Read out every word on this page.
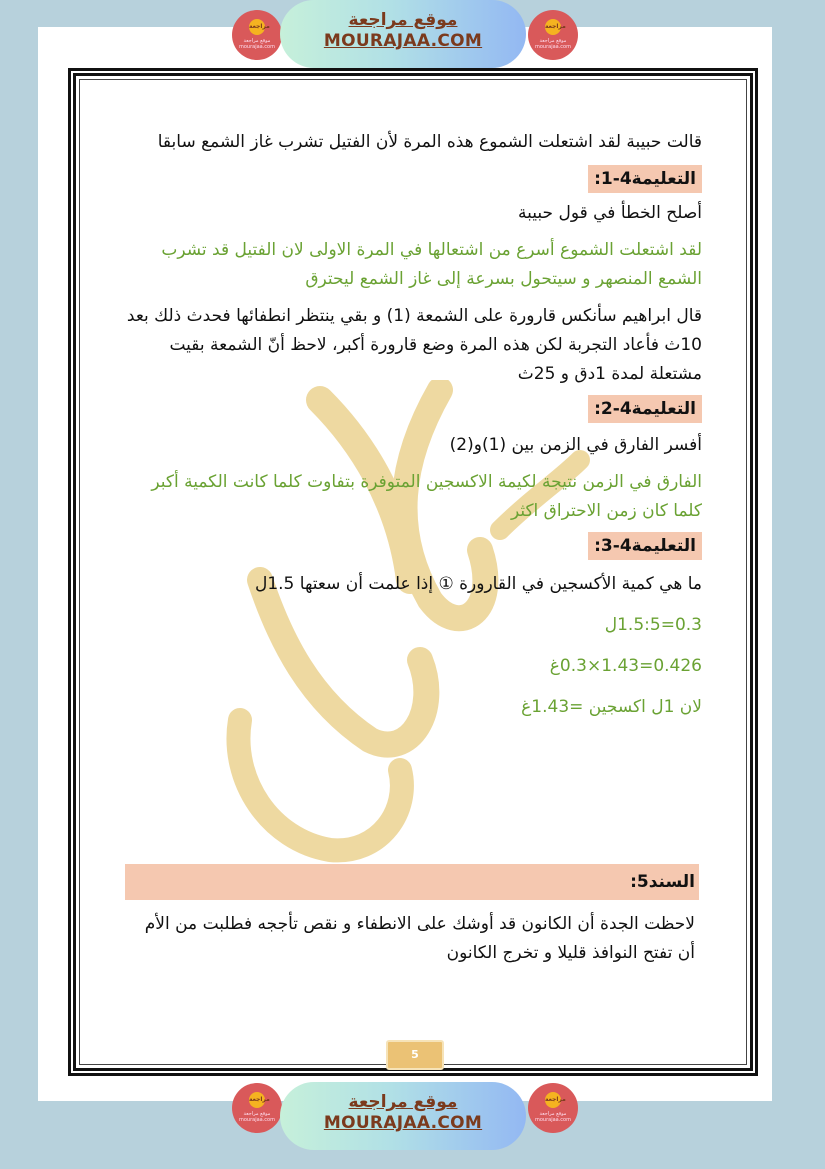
مراجعة
موقع مراجعة mourajaa.com
موقع مراجعة
MOURAJAA.COM
مراجعة
موقع مراجعة mourajaa.com

قالت حبيبة لقد اشتعلت الشموع هذه المرة لأن الفتيل تشرب غاز الشمع سابقا

التعليمة4-1:

أصلح الخطأ في قول حبيبة

لقد اشتعلت الشموع أسرع من اشتعالها في المرة الاولى لان الفتيل قد تشرب الشمع المنصهر و سيتحول بسرعة إلى غاز الشمع ليحترق

قال ابراهيم سأنكس قارورة على الشمعة (1) و بقي ينتظر انطفائها فحدث ذلك بعد 10ث فأعاد التجربة لكن هذه المرة وضع قارورة أكبر، لاحظ أنّ الشمعة بقيت مشتعلة لمدة 1دق و 25ث

التعليمة4-2:

أفسر الفارق في الزمن بين (1)و(2)

الفارق في الزمن نتيجة لكيمة الاكسجين المتوفرة بتفاوت كلما كانت الكمية أكبر كلما كان زمن الاحتراق اكثر

التعليمة4-3:

ما هي كمية الأكسجين في القارورة ① إذا علمت أن سعتها 1.5ل

0.3=1.5:5ل

0.426=1.43×0.3غ

لان 1ل اكسجين =1.43غ

السند5:

لاحظت الجدة أن الكانون قد أوشك على الانطفاء و نقص تأججه فطلبت من الأم أن تفتح النوافذ قليلا و تخرج الكانون

5
مراجعة
موقع مراجعة mourajaa.com
موقع مراجعة
MOURAJAA.COM
مراجعة
موقع مراجعة mourajaa.com
